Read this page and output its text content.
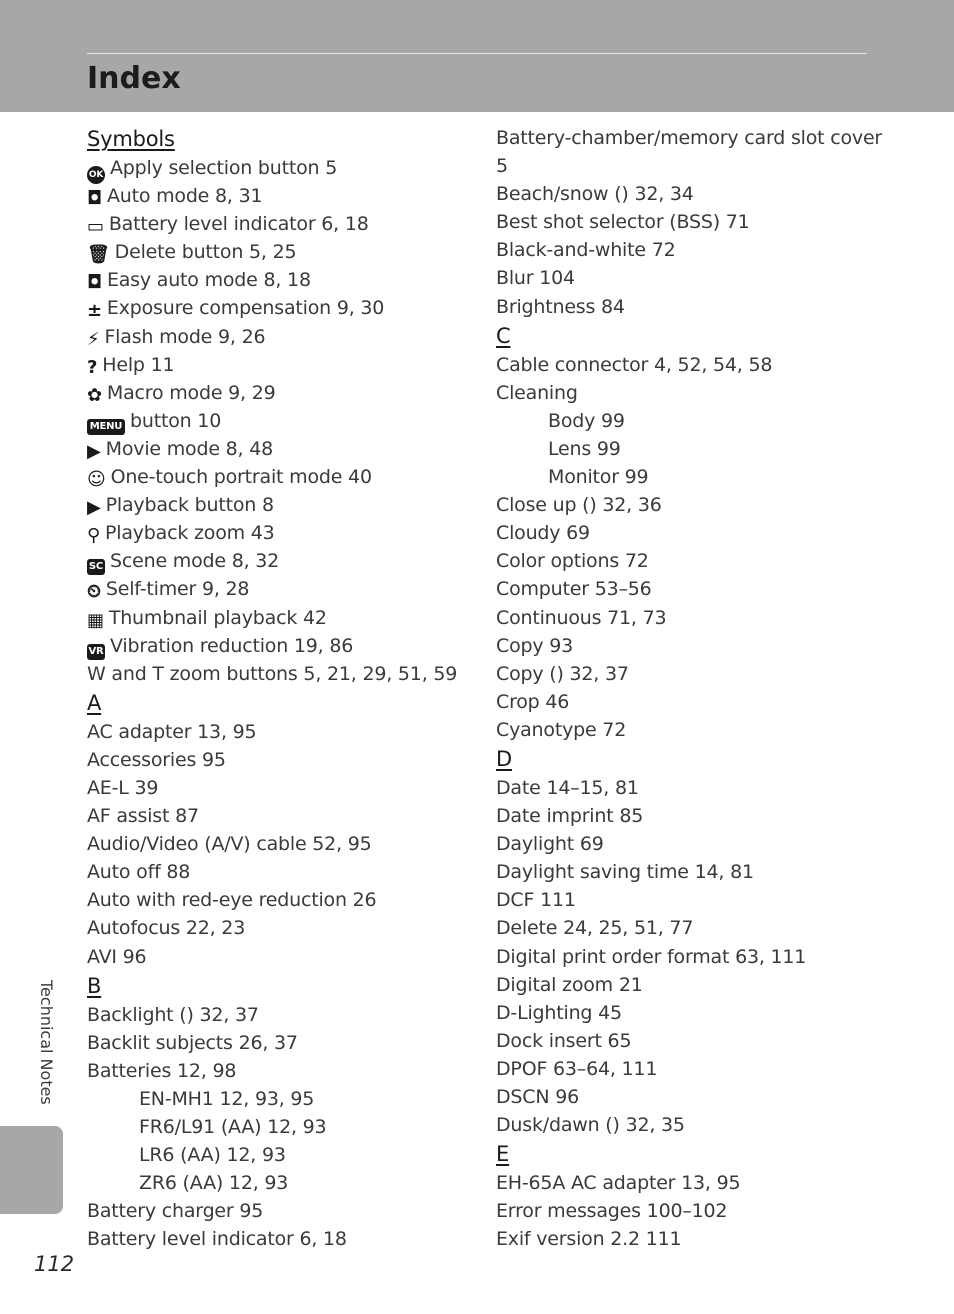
Index
Symbols
OK Apply selection button 5
◘ Auto mode 8, 31
▭ Battery level indicator 6, 18
🗑 Delete button 5, 25
◘ Easy auto mode 8, 18
± Exposure compensation 9, 30
⚡ Flash mode 9, 26
? Help 11
✿ Macro mode 9, 29
MENU button 10
▶ Movie mode 8, 48
☺ One-touch portrait mode 40
▶ Playback button 8
⚲ Playback zoom 43
SC Scene mode 8, 32
⏲ Self-timer 9, 28
▦ Thumbnail playback 42
VR Vibration reduction 19, 86
W and T zoom buttons 5, 21, 29, 51, 59
A
AC adapter 13, 95
Accessories 95
AE-L 39
AF assist 87
Audio/Video (A/V) cable 52, 95
Auto off 88
Auto with red-eye reduction 26
Autofocus 22, 23
AVI 96
B
Backlight () 32, 37
Backlit subjects 26, 37
Batteries 12, 98
EN-MH1 12, 93, 95
FR6/L91 (AA) 12, 93
LR6 (AA) 12, 93
ZR6 (AA) 12, 93
Battery charger 95
Battery level indicator 6, 18
Battery-chamber/memory card slot cover
5
Beach/snow () 32, 34
Best shot selector (BSS) 71
Black-and-white 72
Blur 104
Brightness 84
C
Cable connector 4, 52, 54, 58
Cleaning
Body 99
Lens 99
Monitor 99
Close up () 32, 36
Cloudy 69
Color options 72
Computer 53–56
Continuous 71, 73
Copy 93
Copy () 32, 37
Crop 46
Cyanotype 72
D
Date 14–15, 81
Date imprint 85
Daylight 69
Daylight saving time 14, 81
DCF 111
Delete 24, 25, 51, 77
Digital print order format 63, 111
Digital zoom 21
D-Lighting 45
Dock insert 65
DPOF 63–64, 111
DSCN 96
Dusk/dawn () 32, 35
E
EH-65A AC adapter 13, 95
Error messages 100–102
Exif version 2.2 111
Technical Notes
112
